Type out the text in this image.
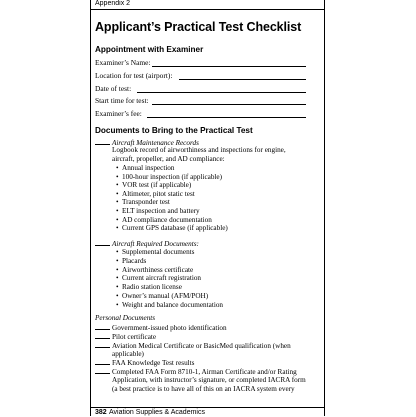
Appendix 2
Applicant’s Practical Test Checklist
Appointment with Examiner
Examiner’s Name:
Location for test (airport):
Date of test:
Start time for test:
Examiner’s fee:
Documents to Bring to the Practical Test
Aircraft Maintenance Records
Logbook record of airworthiness and inspections for engine,
aircraft, propeller, and AD compliance:
• Annual inspection
• 100-hour inspection (if applicable)
• VOR test (if applicable)
• Altimeter, pitot static test
• Transponder test
• ELT inspection and battery
• AD compliance documentation
• Current GPS database (if applicable)
Aircraft Required Documents:
• Supplemental documents
• Placards
• Airworthiness certificate
• Current aircraft registration
• Radio station license
• Owner’s manual (AFM/POH)
• Weight and balance documentation
Personal Documents
Government-issued photo identification
Pilot certificate
Aviation Medical Certificate or BasicMed qualification (when
applicable)
FAA Knowledge Test results
Completed FAA Form 8710-1, Airman Certificate and/or Rating
Application, with instructor’s signature, or completed IACRA form
(a best practice is to have all of this on an IACRA system every
382 Aviation Supplies & Academics
